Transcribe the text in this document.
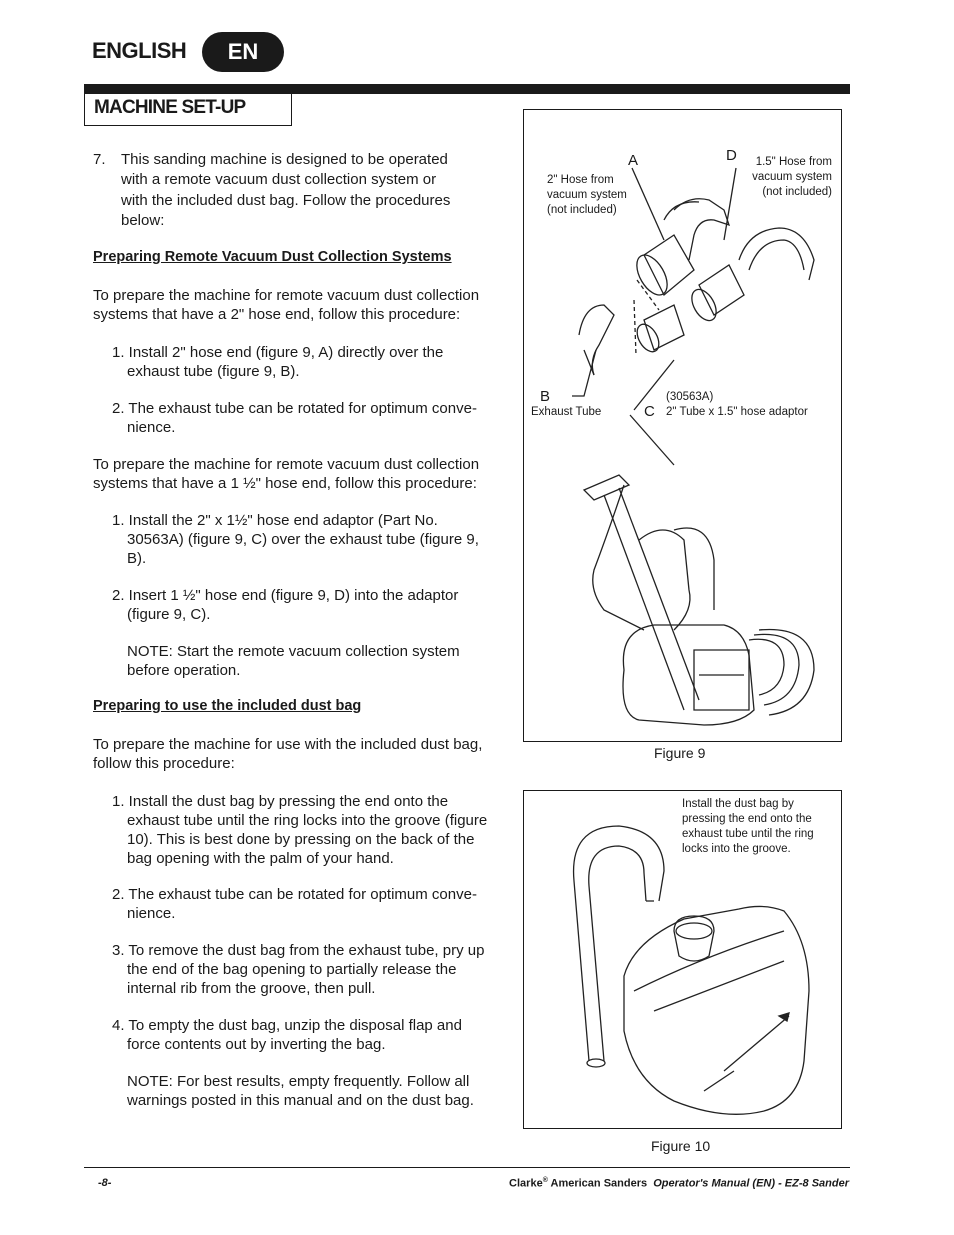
ENGLISH	EN
MACHINE SET-UP
7. This sanding machine is designed to be operated
with a remote vacuum dust collection system or
with the included dust bag. Follow the procedures
below:
Preparing Remote Vacuum Dust Collection Systems
To prepare the machine for remote vacuum dust collection
systems that have a 2" hose end, follow this procedure:
1. Install 2" hose end (figure 9, A) directly over the
exhaust tube (figure 9, B).
2. The exhaust tube can be rotated for optimum conve-
nience.
To prepare the machine for remote vacuum dust collection
systems that have a 1 ½" hose end, follow this procedure:
1. Install the 2" x 1½" hose end adaptor (Part No.
30563A) (figure 9, C) over the exhaust tube (figure 9,
B).
2. Insert 1 ½" hose end (figure 9, D) into the adaptor
(figure 9, C).
NOTE: Start the remote vacuum collection system
before operation.
Preparing to use the included dust bag
To prepare the machine for use with the included dust bag,
follow this procedure:
1. Install the dust bag by pressing the end onto the
exhaust tube until the ring locks into the groove (figure
10). This is best done by pressing on the back of the
bag opening with the palm of your hand.
2. The exhaust tube can be rotated for optimum conve-
nience.
3. To remove the dust bag from the exhaust tube, pry up
the end of the bag opening to partially release the
internal rib from the groove, then pull.
4. To empty the dust bag, unzip the disposal flap and
force contents out by inverting the bag.
NOTE: For best results, empty frequently. Follow all
warnings posted in this manual and on the dust bag.
A	D
B
C
2" Hose from
vacuum system
(not included)
1.5" Hose from
vacuum system
(not included)
Exhaust Tube
(30563A)
2" Tube x 1.5" hose adaptor
Figure 9
Install the dust bag by
pressing the end onto the
exhaust tube until the ring
locks into the groove.
Figure 10
-8-	Clarke® American Sanders Operator's Manual (EN) - EZ-8 Sander
